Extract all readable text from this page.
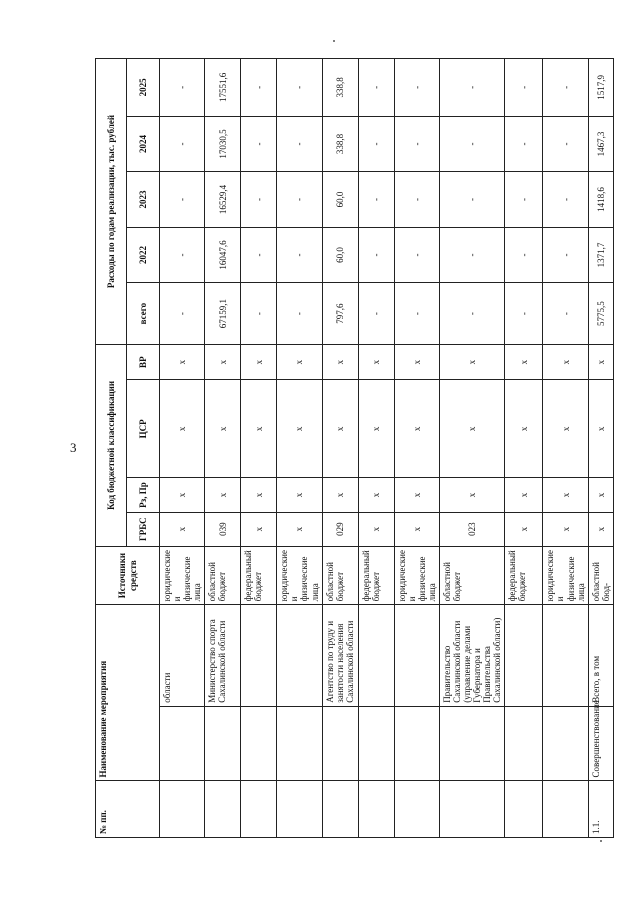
3
№ пп.	Наименование мероприятия		Источники средств	Код бюджетной классификации				Расходы по годам реализации, тыс. рублей				
				ГРБС	Рз, Пр	ЦСР	ВР	всего	2022	2023	2024	2025
		области	юридические и физические лица	x	x	x	x	-	-	-	-	-
		Министерство спорта Сахалинской области	областной бюджет	039	x	x	x	67159,1	16047,6	16529,4	17030,5	17551,6
			федеральный бюджет	x	x	x	x	-	-	-	-	-
			юридические и физические лица	x	x	x	x	-	-	-	-	-
		Агентство по труду и занятости населения Сахалинской области	областной бюджет	029	x	x	x	797,6	60,0	60,0	338,8	338,8
			федеральный бюджет	x	x	x	x	-	-	-	-	-
			юридические и физические лица	x	x	x	x	-	-	-	-	-
		Правительство Сахалинской области (управление делами Губернатора и Правительства Сахалинской области)	областной бюджет	023	x	x	x	-	-	-	-	-
			федеральный бюджет	x	x	x	x	-	-	-	-	-
			юридические и физические лица	x	x	x	x	-	-	-	-	-
1.1.	Совершенствование	Всего, в том	областной бюд-	x	x	x	x	5775,5	1371,7	1418,6	1467,3	1517,9
